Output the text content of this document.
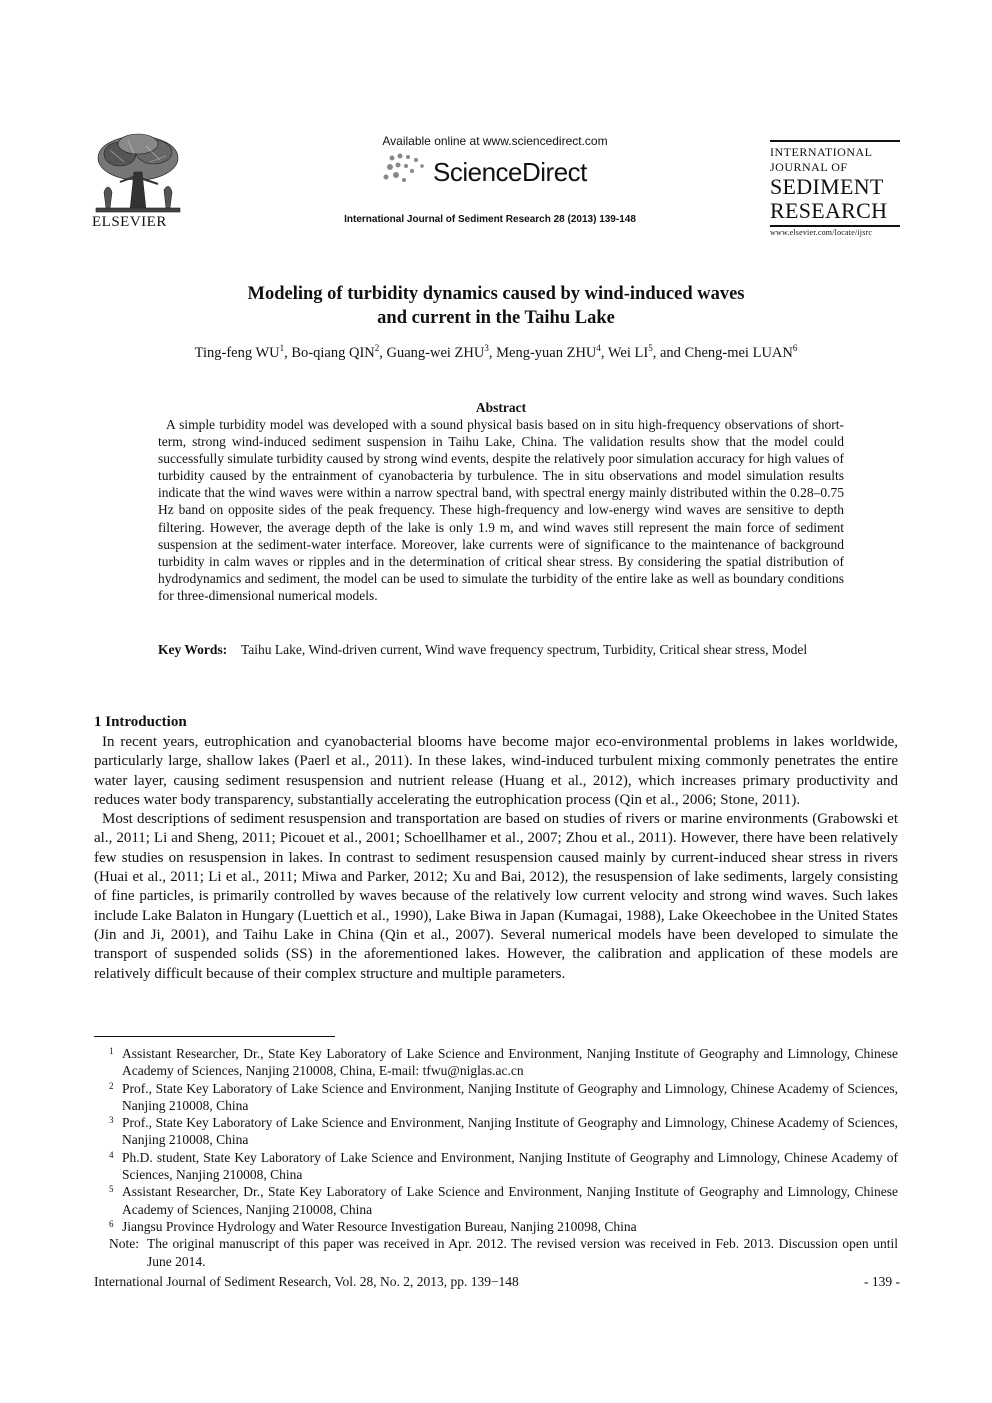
ELSEVIER
Available online at www.sciencedirect.com
ScienceDirect
International Journal of Sediment Research 28 (2013) 139-148
INTERNATIONAL
JOURNAL OF
SEDIMENT
RESEARCH
www.elsevier.com/locate/ijsrc
Modeling of turbidity dynamics caused by wind-induced waves
and current in the Taihu Lake
Ting-feng $WU^1$, Bo-qiang QIN$^2$, Guang-wei ZHU$^3$, Meng-yuan ZHU$^4$, Wei $LI^5$, and Cheng-mei LUAN$^6$
Abstract
A simple turbidity model was developed with a sound physical basis based on in situ high-frequency observations of short-term, strong wind-induced sediment suspension in Taihu Lake, China. The validation results show that the model could successfully simulate turbidity caused by strong wind events, despite the relatively poor simulation accuracy for high values of turbidity caused by the entrainment of cyanobacteria by turbulence. The in situ observations and model simulation results indicate that the wind waves were within a narrow spectral band, with spectral energy mainly distributed within the 0.28–0.75 Hz band on opposite sides of the peak frequency. These high-frequency and low-energy wind waves are sensitive to depth filtering. However, the average depth of the lake is only 1.9 m, and wind waves still represent the main force of sediment suspension at the sediment-water interface. Moreover, lake currents were of significance to the maintenance of background turbidity in calm waves or ripples and in the determination of critical shear stress. By considering the spatial distribution of hydrodynamics and sediment, the model can be used to simulate the turbidity of the entire lake as well as boundary conditions for three-dimensional numerical models.
Key Words: Taihu Lake, Wind-driven current, Wind wave frequency spectrum, Turbidity, Critical shear stress, Model
1 Introduction

In recent years, eutrophication and cyanobacterial blooms have become major eco-environmental problems in lakes worldwide, particularly large, shallow lakes (Paerl et al., 2011). In these lakes, wind-induced turbulent mixing commonly penetrates the entire water layer, causing sediment resuspension and nutrient release (Huang et al., 2012), which increases primary productivity and reduces water body transparency, substantially accelerating the eutrophication process (Qin et al., 2006; Stone, 2011).

Most descriptions of sediment resuspension and transportation are based on studies of rivers or marine environments (Grabowski et al., 2011; Li and Sheng, 2011; Picouet et al., 2001; Schoellhamer et al., 2007; Zhou et al., 2011). However, there have been relatively few studies on resuspension in lakes. In contrast to sediment resuspension caused mainly by current-induced shear stress in rivers (Huai et al., 2011; Li et al., 2011; Miwa and Parker, 2012; Xu and Bai, 2012), the resuspension of lake sediments, largely consisting of fine particles, is primarily controlled by waves because of the relatively low current velocity and strong wind waves. Such lakes include Lake Balaton in Hungary (Luettich et al., 1990), Lake Biwa in Japan (Kumagai, 1988), Lake Okeechobee in the United States (Jin and Ji, 2001), and Taihu Lake in China (Qin et al., 2007). Several numerical models have been developed to simulate the transport of suspended solids (SS) in the aforementioned lakes. However, the calibration and application of these models are relatively difficult because of their complex structure and multiple parameters.

1 Assistant Researcher, Dr., State Key Laboratory of Lake Science and Environment, Nanjing Institute of Geography and Limnology, Chinese Academy of Sciences, Nanjing 210008, China, E-mail: tfwu@niglas.ac.cn
2 Prof., State Key Laboratory of Lake Science and Environment, Nanjing Institute of Geography and Limnology, Chinese Academy of Sciences, Nanjing 210008, China
3 Prof., State Key Laboratory of Lake Science and Environment, Nanjing Institute of Geography and Limnology, Chinese Academy of Sciences, Nanjing 210008, China
4 Ph.D. student, State Key Laboratory of Lake Science and Environment, Nanjing Institute of Geography and Limnology, Chinese Academy of Sciences, Nanjing 210008, China
5 Assistant Researcher, Dr., State Key Laboratory of Lake Science and Environment, Nanjing Institute of Geography and Limnology, Chinese Academy of Sciences, Nanjing 210008, China
6 Jiangsu Province Hydrology and Water Resource Investigation Bureau, Nanjing 210098, China
Note: The original manuscript of this paper was received in Apr. 2012. The revised version was received in Feb. 2013. Discussion open until June 2014.
International Journal of Sediment Research, Vol. 28, No. 2, 2013, pp. 139−148	- 139 -
